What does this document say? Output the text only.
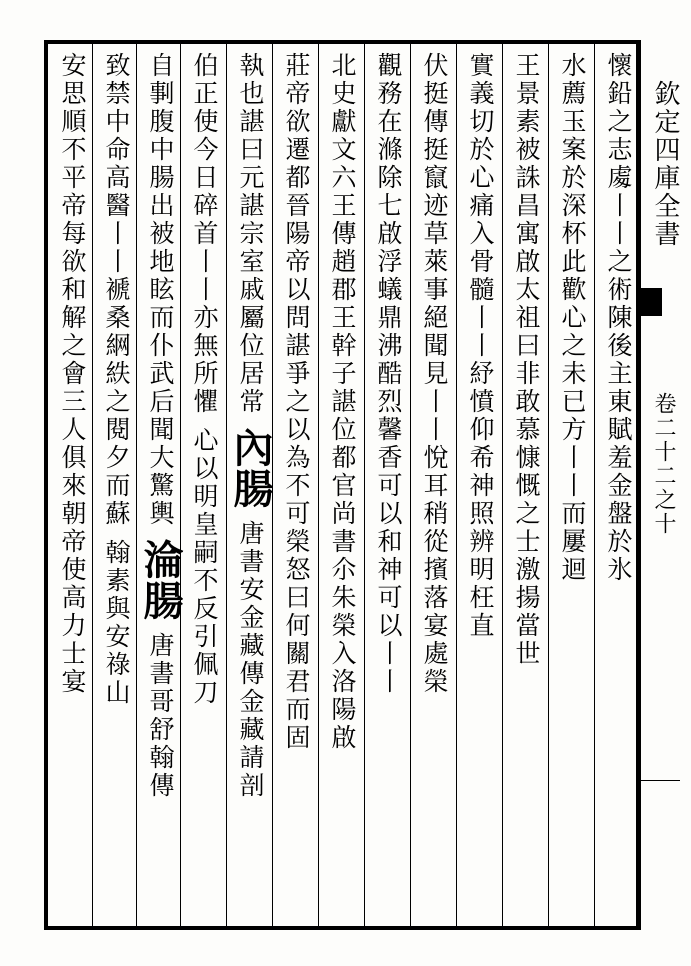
欽定四庫全書
卷二十二之十
懷鉛之志䖏丨丨之術陳後主東賦羞金盤於氷
水薦玉案於深杯此歡心之未已方丨丨而屢迴
王景素被誅昌寓啟太祖曰非敢慕慷慨之士激揚當世
實義切於心痛入骨髓丨丨紓憤仰希神照辨明枉直
伏挺傳挺竄迹草萊事絕聞見丨丨悅耳稍從擯落宴處榮
觀務在滌除七啟浮蟻鼎沸酷烈馨香可以和神可以丨丨
北史獻文六王傳趙郡王幹子諶位都官尚書尒朱榮入洛陽啟
莊帝欲遷都晉陽帝以問諶爭之以為不可榮怒曰何關君而固
執也諶曰元諶宗室戚屬位居常 內腸 唐書安金藏傳金藏請剖
伯正使今日碎首丨丨亦無所懼 心以明皇嗣不反引佩刀
自剚腹中腸出被地眩而仆武后聞大驚輿 淪腸 唐書哥舒翰傳
致禁中命高醫丨丨褫桑䋞紩之閱夕而蘇 翰素與安祿山
安思順不平帝每欲和解之會三人俱來朝帝使高力士宴
